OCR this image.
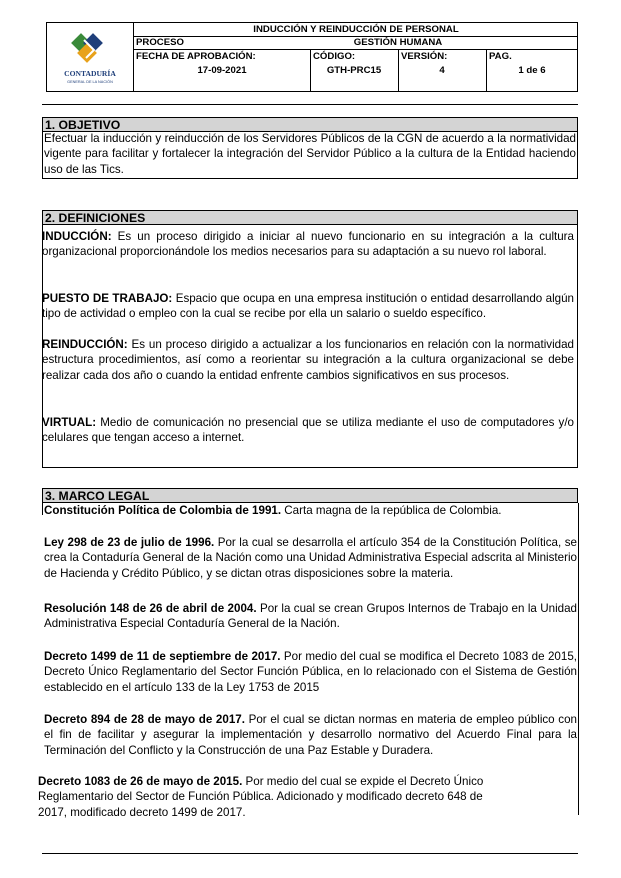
CONTADURÍA
GENERAL DE LA NACIÓN
INDUCCIÓN Y REINDUCCIÓN DE PERSONAL
PROCESO	GESTIÓN HUMANA
FECHA DE APROBACIÓN:
17-09-2021
CÓDIGO:
GTH-PRC15
VERSIÓN:
4
PAG.
1 de 6
1. OBJETIVO
Efectuar la inducción y reinducción de los Servidores Públicos de la CGN de acuerdo a la normatividad vigente para facilitar y fortalecer la integración del Servidor Público a la cultura de la Entidad haciendo uso de las Tics.
2. DEFINICIONES
INDUCCIÓN: Es un proceso dirigido a iniciar al nuevo funcionario en su integración a la cultura organizacional proporcionándole los medios necesarios para su adaptación a su nuevo rol laboral.
PUESTO DE TRABAJO: Espacio que ocupa en una empresa institución o entidad desarrollando algún tipo de actividad o empleo con la cual se recibe por ella un salario o sueldo específico.
REINDUCCIÓN: Es un proceso dirigido a actualizar a los funcionarios en relación con la normatividad estructura procedimientos, así como a reorientar su integración a la cultura organizacional se debe realizar cada dos año o cuando la entidad enfrente cambios significativos en sus procesos.
VIRTUAL: Medio de comunicación no presencial que se utiliza mediante el uso de computadores y/o celulares que tengan acceso a internet.
3. MARCO LEGAL
Constitución Política de Colombia de 1991. Carta magna de la república de Colombia.
Ley 298 de 23 de julio de 1996. Por la cual se desarrolla el artículo 354 de la Constitución Política, se crea la Contaduría General de la Nación como una Unidad Administrativa Especial adscrita al Ministerio de Hacienda y Crédito Público, y se dictan otras disposiciones sobre la materia.
Resolución 148 de 26 de abril de 2004. Por la cual se crean Grupos Internos de Trabajo en la Unidad Administrativa Especial Contaduría General de la Nación.
Decreto 1499 de 11 de septiembre de 2017. Por medio del cual se modifica el Decreto 1083 de 2015, Decreto Único Reglamentario del Sector Función Pública, en lo relacionado con el Sistema de Gestión establecido en el artículo 133 de la Ley 1753 de 2015
Decreto 894 de 28 de mayo de 2017. Por el cual se dictan normas en materia de empleo público con el fin de facilitar y asegurar la implementación y desarrollo normativo del Acuerdo Final para la Terminación del Conflicto y la Construcción de una Paz Estable y Duradera.
Decreto 1083 de 26 de mayo de 2015. Por medio del cual se expide el Decreto Único Reglamentario del Sector de Función Pública. Adicionado y modificado decreto 648 de 2017, modificado decreto 1499 de 2017.
